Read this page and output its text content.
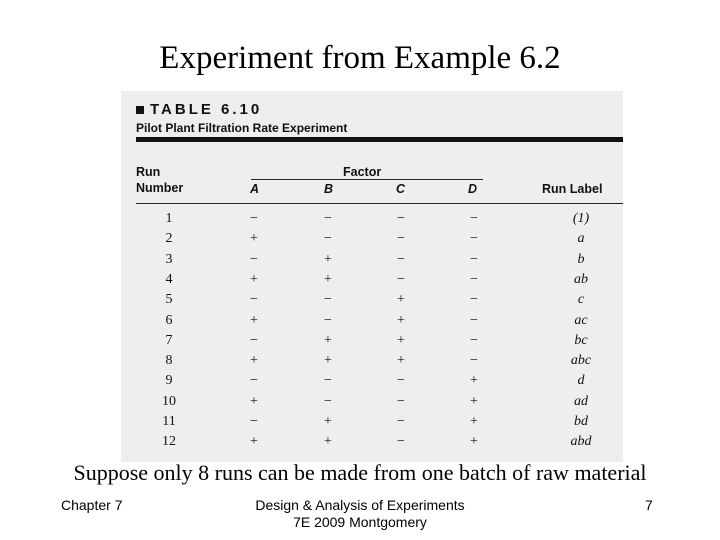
Experiment from Example 6.2
TABLE 6.10
Pilot Plant Filtration Rate Experiment
Run
Number
Factor
A	B	C	D	Run Label
1	−	−	−	−	(1)
2	+	−	−	−	a
3	−	+	−	−	b
4	+	+	−	−	ab
5	−	−	+	−	c
6	+	−	+	−	ac
7	−	+	+	−	bc
8	+	+	+	−	abc
9	−	−	−	+	d
10	+	−	−	+	ad
11	−	+	−	+	bd
12	+	+	−	+	abd
Suppose only 8 runs can be made from one batch of raw material
Chapter 7	Design & Analysis of Experiments
7E 2009 Montgomery
7
